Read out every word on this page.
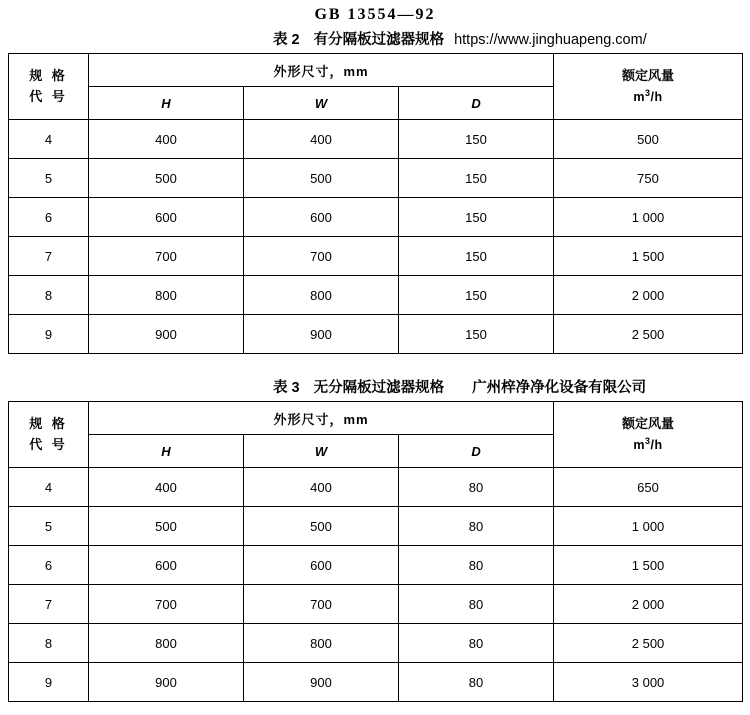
GB 13554—92
表 2 有分隔板过滤器规格 https://www.jinghuapeng.com/
规 格
代 号
	外形尺寸，mm	额定风量
$m^3/h$

	H	W	D	
4	400	400	150	500
5	500	500	150	750
6	600	600	150	1 000
7	700	700	150	1 500
8	800	800	150	2 000
9	900	900	150	2 500
表 3 无分隔板过滤器规格 广州梓净净化设备有限公司
规 格
代 号
	外形尺寸，mm	额定风量
$m^3/h$

	H	W	D	
4	400	400	80	650
5	500	500	80	1 000
6	600	600	80	1 500
7	700	700	80	2 000
8	800	800	80	2 500
9	900	900	80	3 000
